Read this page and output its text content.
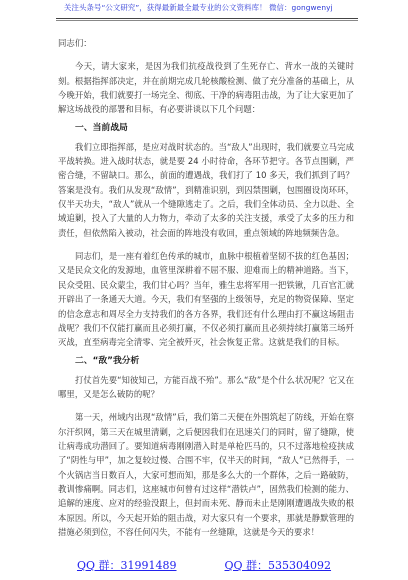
关注头条号“公文研究”，获得最新最全最专业的公文资料库！ 微信：gongwenyj

同志们：

今天，请大家来，是因为我们抗疫战役到了生死存亡、背水一战的关键时刻。根据指挥部决定，并在前期完成几轮核酸检测、做了充分准备的基础上，从今晚开始，我们就要打一场完全、彻底、干净的病毒阻击战，为了让大家更加了解这场战役的部署和目标，有必要讲谈以下几个问题：

一、当前战局

我们立即指挥部，是应对战时状态的。当“敌人”出现时，我们就要立马完成平战转换。进入战时状态，就是要 24 小时待命，各环节把守。各节点围剿，严密合缝，不留缺口。那么，前面的遭遇战，我们打了 10 多天，我们抓到了吗？答案是没有。我们从发现“敌情”，到精准识别，到囚禁围剿，包围圈设岗环环，仅半天功夫，“敌人”就从一个缝隙逃走了。之后，我们全体动员、全力以赴、全域追剿，投入了大量的人力物力，牵动了太多的关注支援，承受了太多的压力和责任，但依然陷入被动，社会面的阵地没有收回，重点领域的阵地频频告急。

同志们，是一座有着红色传承的城市，血脉中根植着坚韧不拔的红色基因；又是民众文化的发源地，血管里深耕着不屈不服、迎难而上的精神道路。当下，民众受阻、民众蒙尘，我们甘心吗？当年，雅生忠将军用一把铁锹，几百官汇就开辟出了一条通天大道。今天，我们有坚强的上级领导，充足的物资保障、坚定的信念意志和周尽全力支持我们的各方各界，我们还有什么理由打不赢这场阻击战呢？我们不仅能打赢而且必须打赢，不仅必须打赢而且必须持续打赢第三场歼灭战，直至病毒完全清零、完全被歼灭，社会恢复正常。这就是我们的目标。

二、“敌”我分析

打仗首先要“知彼知己，方能百战不殆”。那么“敌”是个什么状况呢？它又在哪里，又是怎么破防的呢？

第一天，州域内出现“敌情”后，我们第二天便在外围筑起了防线，开始在察尔汗织网，第三天在城里清剿，之后便因我们在迅速关门的同时，留了缝隙，使让病毒成功潜回了。要知道病毒刚刚潜入时是单枪匹马的，只不过落地检疫挟成了“阴性与甲”，加之复较过慢、合围不牢，仅半天的时间，“敌人”已然得手，一个火锅店当日数百人，大家可想而知，那是多么大的一个群体，之后一路破防，教训惨痛啊。同志们，这座城市何曾有过这样“潜铁卢”，固然我们检测的能力、追解的速度、应对的经验没跟上，但封而未死、静而未止是刚刚遭遇战失败的根本原因。所以，今天起开始的阻击战，对大家只有一个要求，那就是静默管理的措施必须到位，不容任何闪失，不能有一丝缝隙，这就是今天的要求！

QQ 群：31991489	QQ 群：535304092
